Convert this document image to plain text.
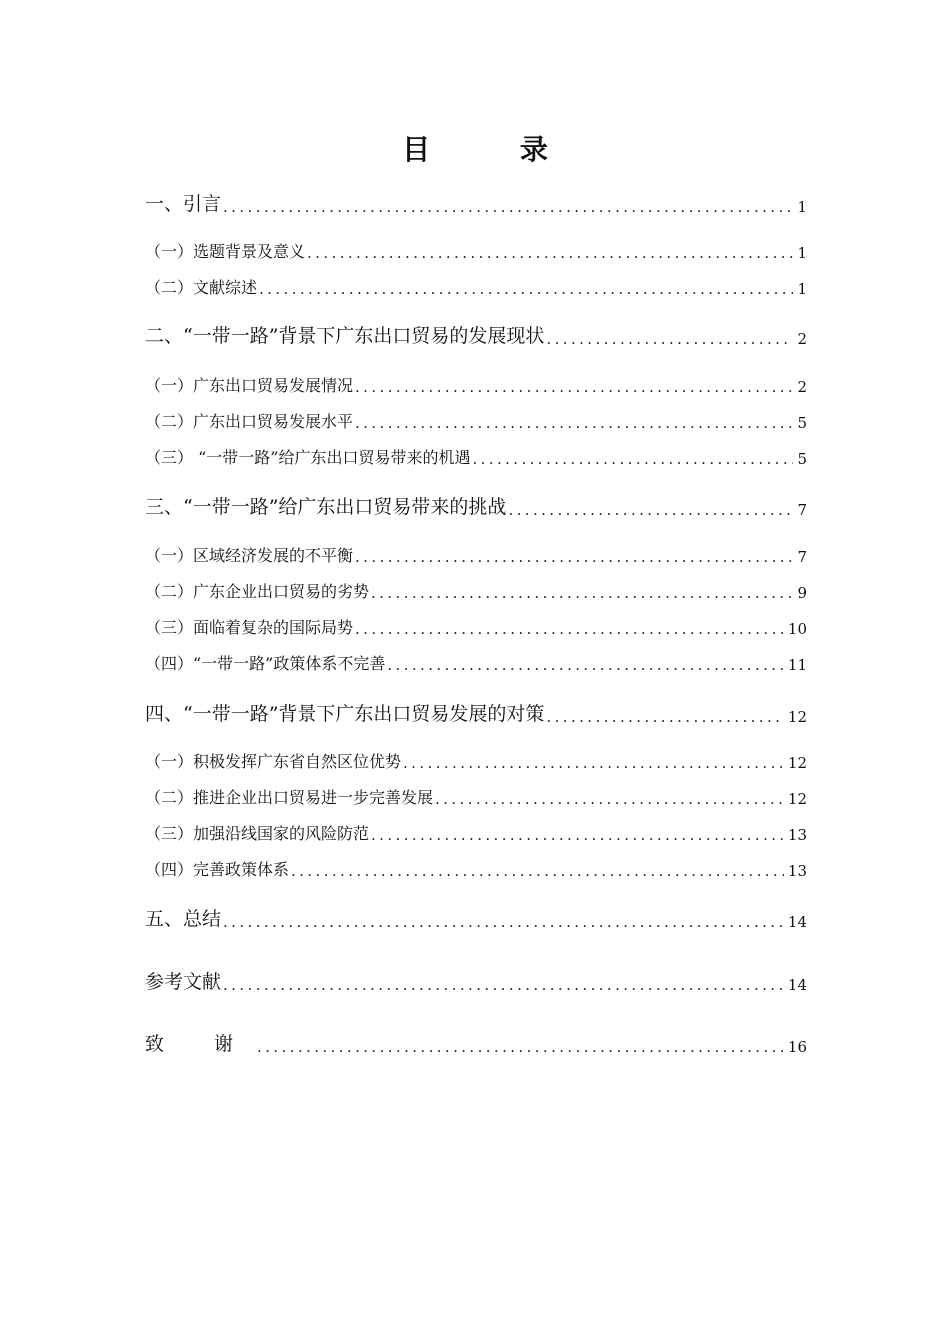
目 录
一、引言 .....	1
（一）选题背景及意义 .....	1
（二）文献综述 .....	1
二、“一带一路”背景下广东出口贸易的发展现状 .....	2
（一）广东出口贸易发展情况 .....	2
（二）广东出口贸易发展水平 .....	5
（三） “一带一路”给广东出口贸易带来的机遇 .....	5
三、“一带一路”给广东出口贸易带来的挑战 .....	7
（一）区域经济发展的不平衡 .....	7
（二）广东企业出口贸易的劣势 .....	9
（三）面临着复杂的国际局势 .....	10
（四）“一带一路”政策体系不完善 .....	11
四、“一带一路”背景下广东出口贸易发展的对策 .....	12
（一）积极发挥广东省自然区位优势 .....	12
（二）推进企业出口贸易进一步完善发展 .....	12
（三）加强沿线国家的风险防范 .....	13
（四）完善政策体系 .....	13
五、总结 .....	14
参考文献 .....	14
致 谢 .....	16
